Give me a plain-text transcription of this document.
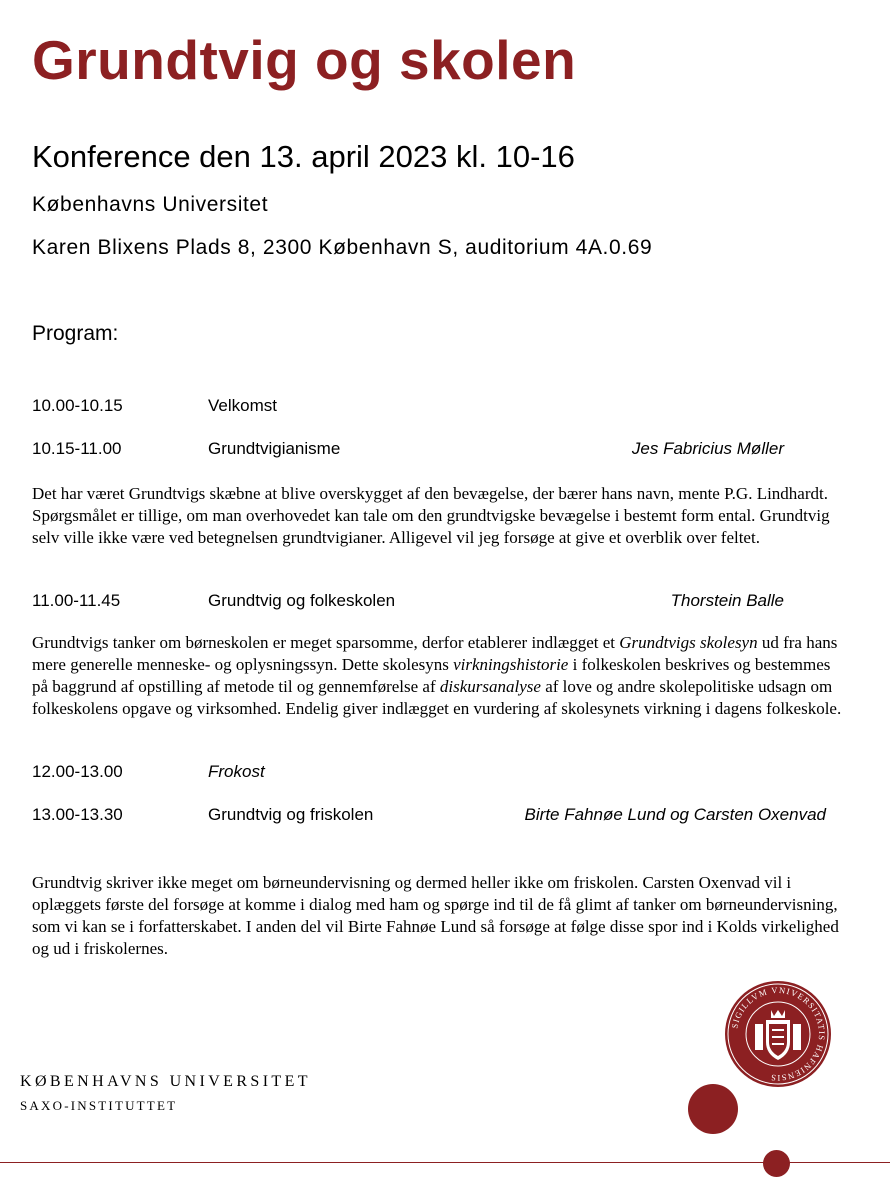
Grundtvig og skolen
Konference den 13. april 2023 kl. 10-16
Københavns Universitet
Karen Blixens Plads 8, 2300 København S, auditorium 4A.0.69
Program:
10.00-10.15	Velkomst
10.15-11.00	Grundtvigianisme	Jes Fabricius Møller
Det har været Grundtvigs skæbne at blive overskygget af den bevægelse, der bærer hans navn, mente P.G. Lindhardt. Spørgsmålet er tillige, om man overhovedet kan tale om den grundtvigske bevægelse i bestemt form ental. Grundtvig selv ville ikke være ved betegnelsen grundtvigianer. Alligevel vil jeg forsøge at give et overblik over feltet.
11.00-11.45	Grundtvig og folkeskolen	Thorstein Balle
Grundtvigs tanker om børneskolen er meget sparsomme, derfor etablerer indlægget et Grundtvigs skolesyn ud fra hans mere generelle menneske- og oplysningssyn. Dette skolesyns virkningshistorie i folkeskolen beskrives og bestemmes på baggrund af opstilling af metode til og gennemførelse af diskursanalyse af love og andre skolepolitiske udsagn om folkeskolens opgave og virksomhed. Endelig giver indlægget en vurdering af skolesynets virkning i dagens folkeskole.
12.00-13.00	Frokost
13.00-13.30	Grundtvig og friskolen	Birte Fahnøe Lund og Carsten Oxenvad
Grundtvig skriver ikke meget om børneundervisning og dermed heller ikke om friskolen. Carsten Oxenvad vil i oplæggets første del forsøge at komme i dialog med ham og spørge ind til de få glimt af tanker om børneundervisning, som vi kan se i forfatterskabet. I anden del vil Birte Fahnøe Lund så forsøge at følge disse spor ind i Kolds virkelighed og ud i friskolernes.
SIGILLVM VNIVERSITATIS HAFNIENSIS
KØBENHAVNS UNIVERSITET
SAXO-INSTITUTTET
